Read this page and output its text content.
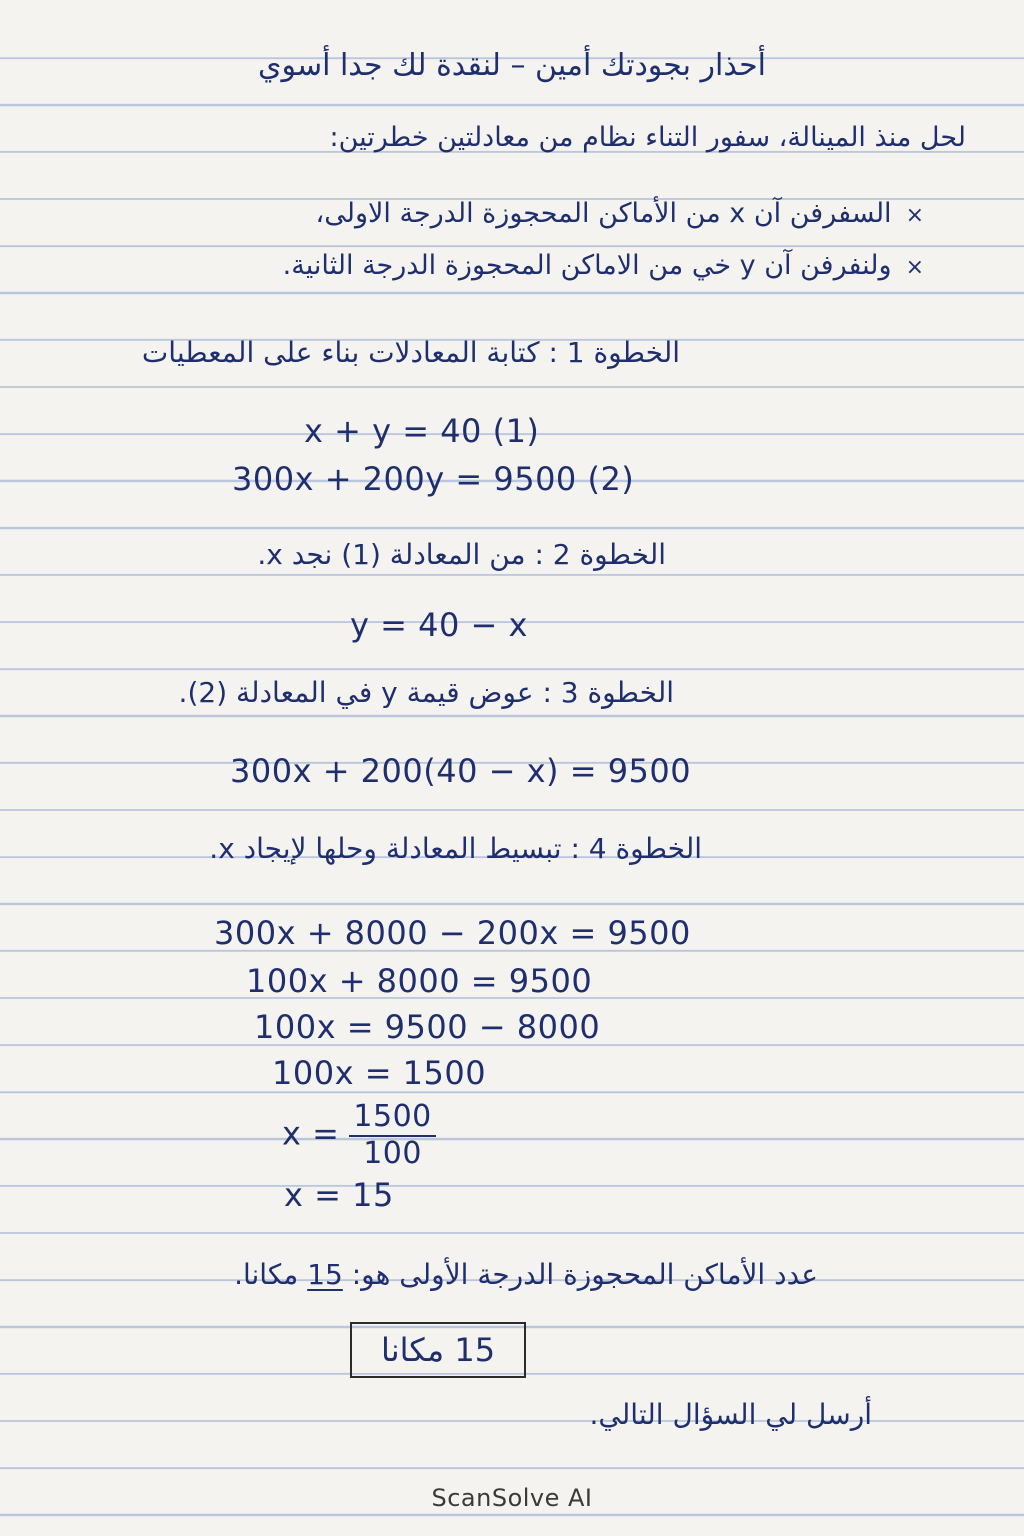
أحذار بجودتك أمين – لنقدة لك جدا أسوي
لحل منذ المينالة، سفور التناء نظام من معادلتين خطرتين:
×السفرفن آن x من الأماكن المحجوزة الدرجة الاولى،
×ولنفرفن آن y خي من الاماكن المحجوزة الدرجة الثانية.
الخطوة 1 : كتابة المعادلات بناء على المعطيات
x + y = 40 (1)
300x + 200y = 9500 (2)
الخطوة 2 : من المعادلة (1) نجد x.
y = 40 − x
الخطوة 3 : عوض قيمة y في المعادلة (2).
300x + 200(40 − x) = 9500
الخطوة 4 : تبسيط المعادلة وحلها لإيجاد x.
300x + 8000 − 200x = 9500
100x + 8000 = 9500
100x = 9500 − 8000
100x = 1500
$x = \frac{1500}{100}$
x = 15
عدد الأماكن المحجوزة الدرجة الأولى هو: 15 مكانا.
15 مكانا
أرسل لي السؤال التالي.
ScanSolve AI
